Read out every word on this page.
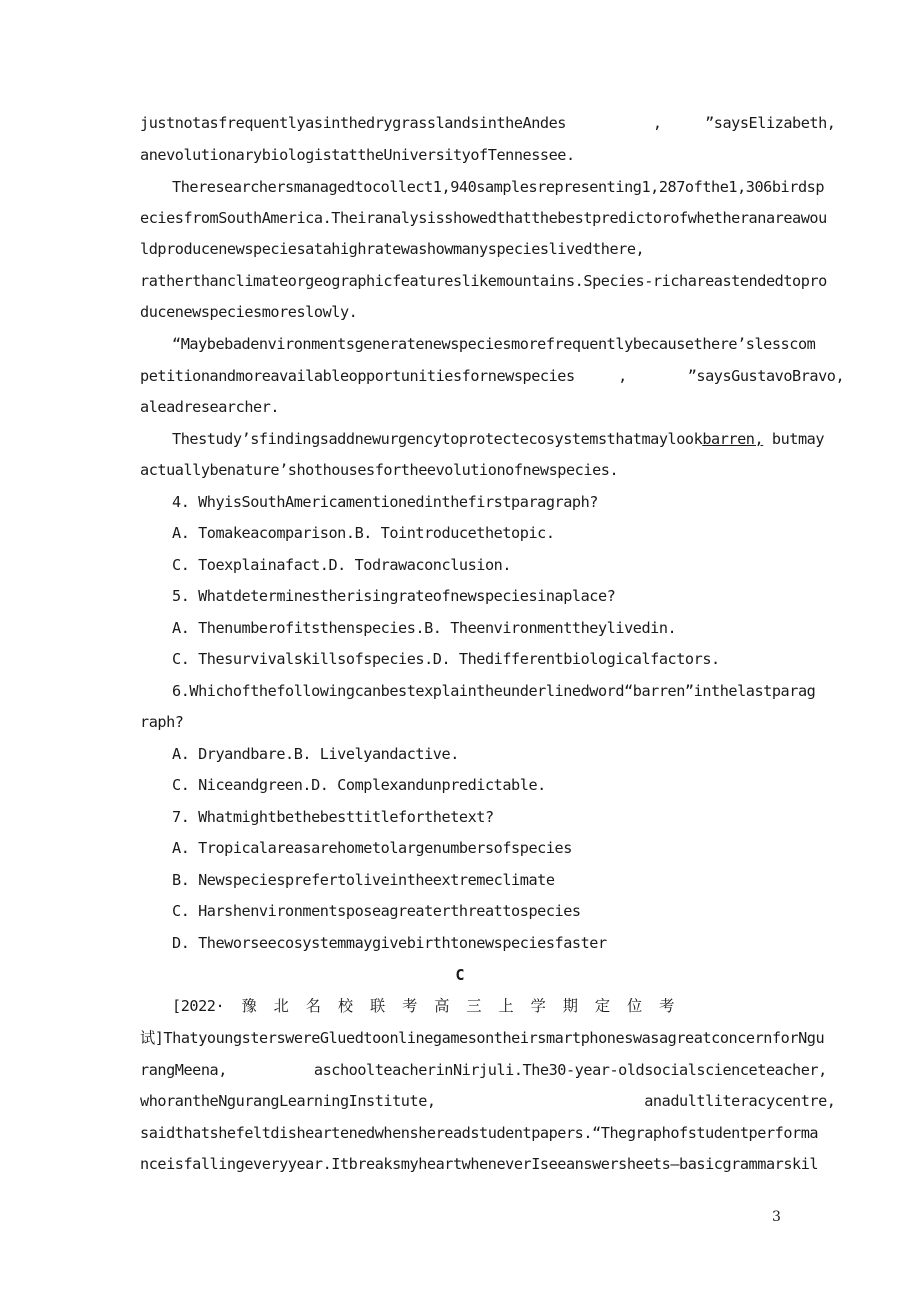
justnotasfrequentlyasinthedrygrasslandsintheAndes          ,     ”saysElizabeth,
anevolutionarybiologistattheUniversityofTennessee.
Theresearchersmanagedtocollect1,940samplesrepresenting1,287ofthe1,306birdsp
eciesfromSouthAmerica.Theiranalysisshowedthatthebestpredictorofwhetheranareawou
ldproducenewspeciesatahighratewashowmanyspecieslivedthere,
ratherthanclimateorgeographicfeatureslikemountains.Species-richareastendedtopro
ducenewspeciesmoreslowly.
“Maybebadenvironmentsgeneratenewspeciesmorefrequentlybecausethere’slesscom
petitionandmoreavailableopportunitiesfornewspecies     ,       ”saysGustavoBravo,
aleadresearcher.
Thestudy’sfindingsaddnewurgencytoprotectecosystemsthatmaylookbarren, butmay
actuallybenature’shothousesfortheevolutionofnewspecies.
4. WhyisSouthAmericamentionedinthefirstparagraph?
A. Tomakeacomparison.B. Tointroducethetopic.
C. Toexplainafact.D. Todrawaconclusion.
5. Whatdeterminestherisingrateofnewspeciesinaplace?
A. Thenumberofitsthenspecies.B. Theenvironmenttheylivedin.
C. Thesurvivalskillsofspecies.D. Thedifferentbiologicalfactors.
6.Whichofthefollowingcanbestexplaintheunderlinedword“barren”inthelastparag
raph?
A. Dryandbare.B. Livelyandactive.
C. Niceandgreen.D. Complexandunpredictable.
7. Whatmightbethebesttitleforthetext?
A. Tropicalareasarehometolargenumbersofspecies
B. Newspeciesprefertoliveintheextremeclimate
C. Harshenvironmentsposeagreaterthreattospecies
D. Theworseecosystemmaygivebirthtonewspeciesfaster
C
[2022·  豫  北  名  校  联  考  高  三  上  学  期  定  位  考
试]ThatyoungsterswereGluedtoonlinegamesontheirsmartphoneswasagreatconcernforNgu
rangMeena,          aschoolteacherinNirjuli.The30-year-oldsocialscienceteacher,
whorantheNgurangLearningInstitute,                        anadultliteracycentre,
saidthatshefeltdisheartenedwhenshereadstudentpapers.“Thegraphofstudentperforma
nceisfallingeveryyear.ItbreaksmyheartwheneverIseeanswersheets—basicgrammarskil
3
